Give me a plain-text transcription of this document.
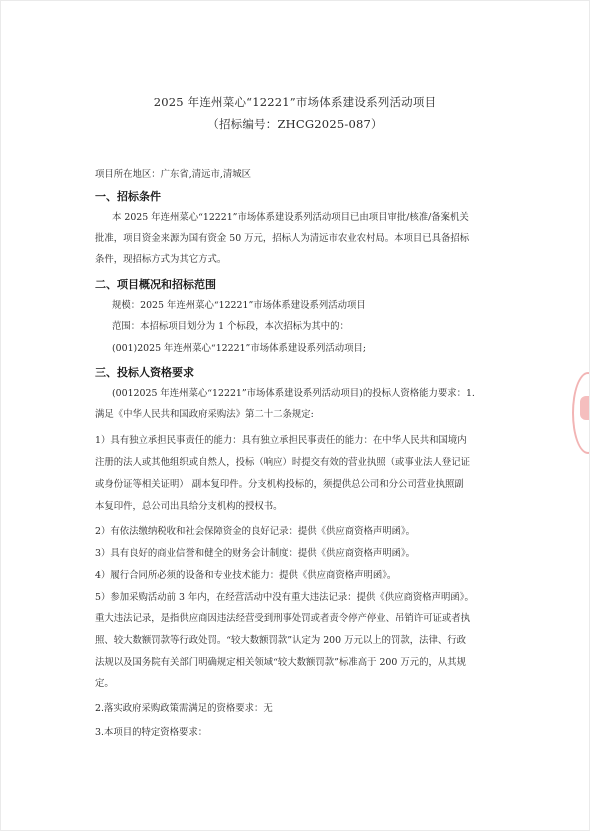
2025 年连州菜心“12221”市场体系建设系列活动项目
（招标编号：ZHCG2025-087）
项目所在地区：广东省,清远市,清城区
一、招标条件
本 2025 年连州菜心“12221”市场体系建设系列活动项目已由项目审批/核准/备案机关
批准，项目资金来源为国有资金 50 万元，招标人为清远市农业农村局。本项目已具备招标
条件，现招标方式为其它方式。
二、项目概况和招标范围
规模：2025 年连州菜心“12221”市场体系建设系列活动项目
范围：本招标项目划分为 1 个标段，本次招标为其中的：
(001)2025 年连州菜心“12221”市场体系建设系列活动项目;
三、投标人资格要求
(0012025 年连州菜心“12221”市场体系建设系列活动项目)的投标人资格能力要求：1.
满足《中华人民共和国政府采购法》第二十二条规定:
1）具有独立承担民事责任的能力：具有独立承担民事责任的能力：在中华人民共和国境内
注册的法人或其他组织或自然人，投标（响应）时提交有效的营业执照（或事业法人登记证
或身份证等相关证明） 副本复印件。分支机构投标的，须提供总公司和分公司营业执照副
本复印件，总公司出具给分支机构的授权书。
2）有依法缴纳税收和社会保障资金的良好记录：提供《供应商资格声明函》。
3）具有良好的商业信誉和健全的财务会计制度：提供《供应商资格声明函》。
4）履行合同所必须的设备和专业技术能力：提供《供应商资格声明函》。
5）参加采购活动前 3 年内，在经营活动中没有重大违法记录：提供《供应商资格声明函》。
重大违法记录，是指供应商因违法经营受到刑事处罚或者责令停产停业、吊销许可证或者执
照、较大数额罚款等行政处罚。“较大数额罚款”认定为 200 万元以上的罚款，法律、行政
法规以及国务院有关部门明确规定相关领域“较大数额罚款”标准高于 200 万元的，从其规
定。
2.落实政府采购政策需满足的资格要求：无
3.本项目的特定资格要求：
